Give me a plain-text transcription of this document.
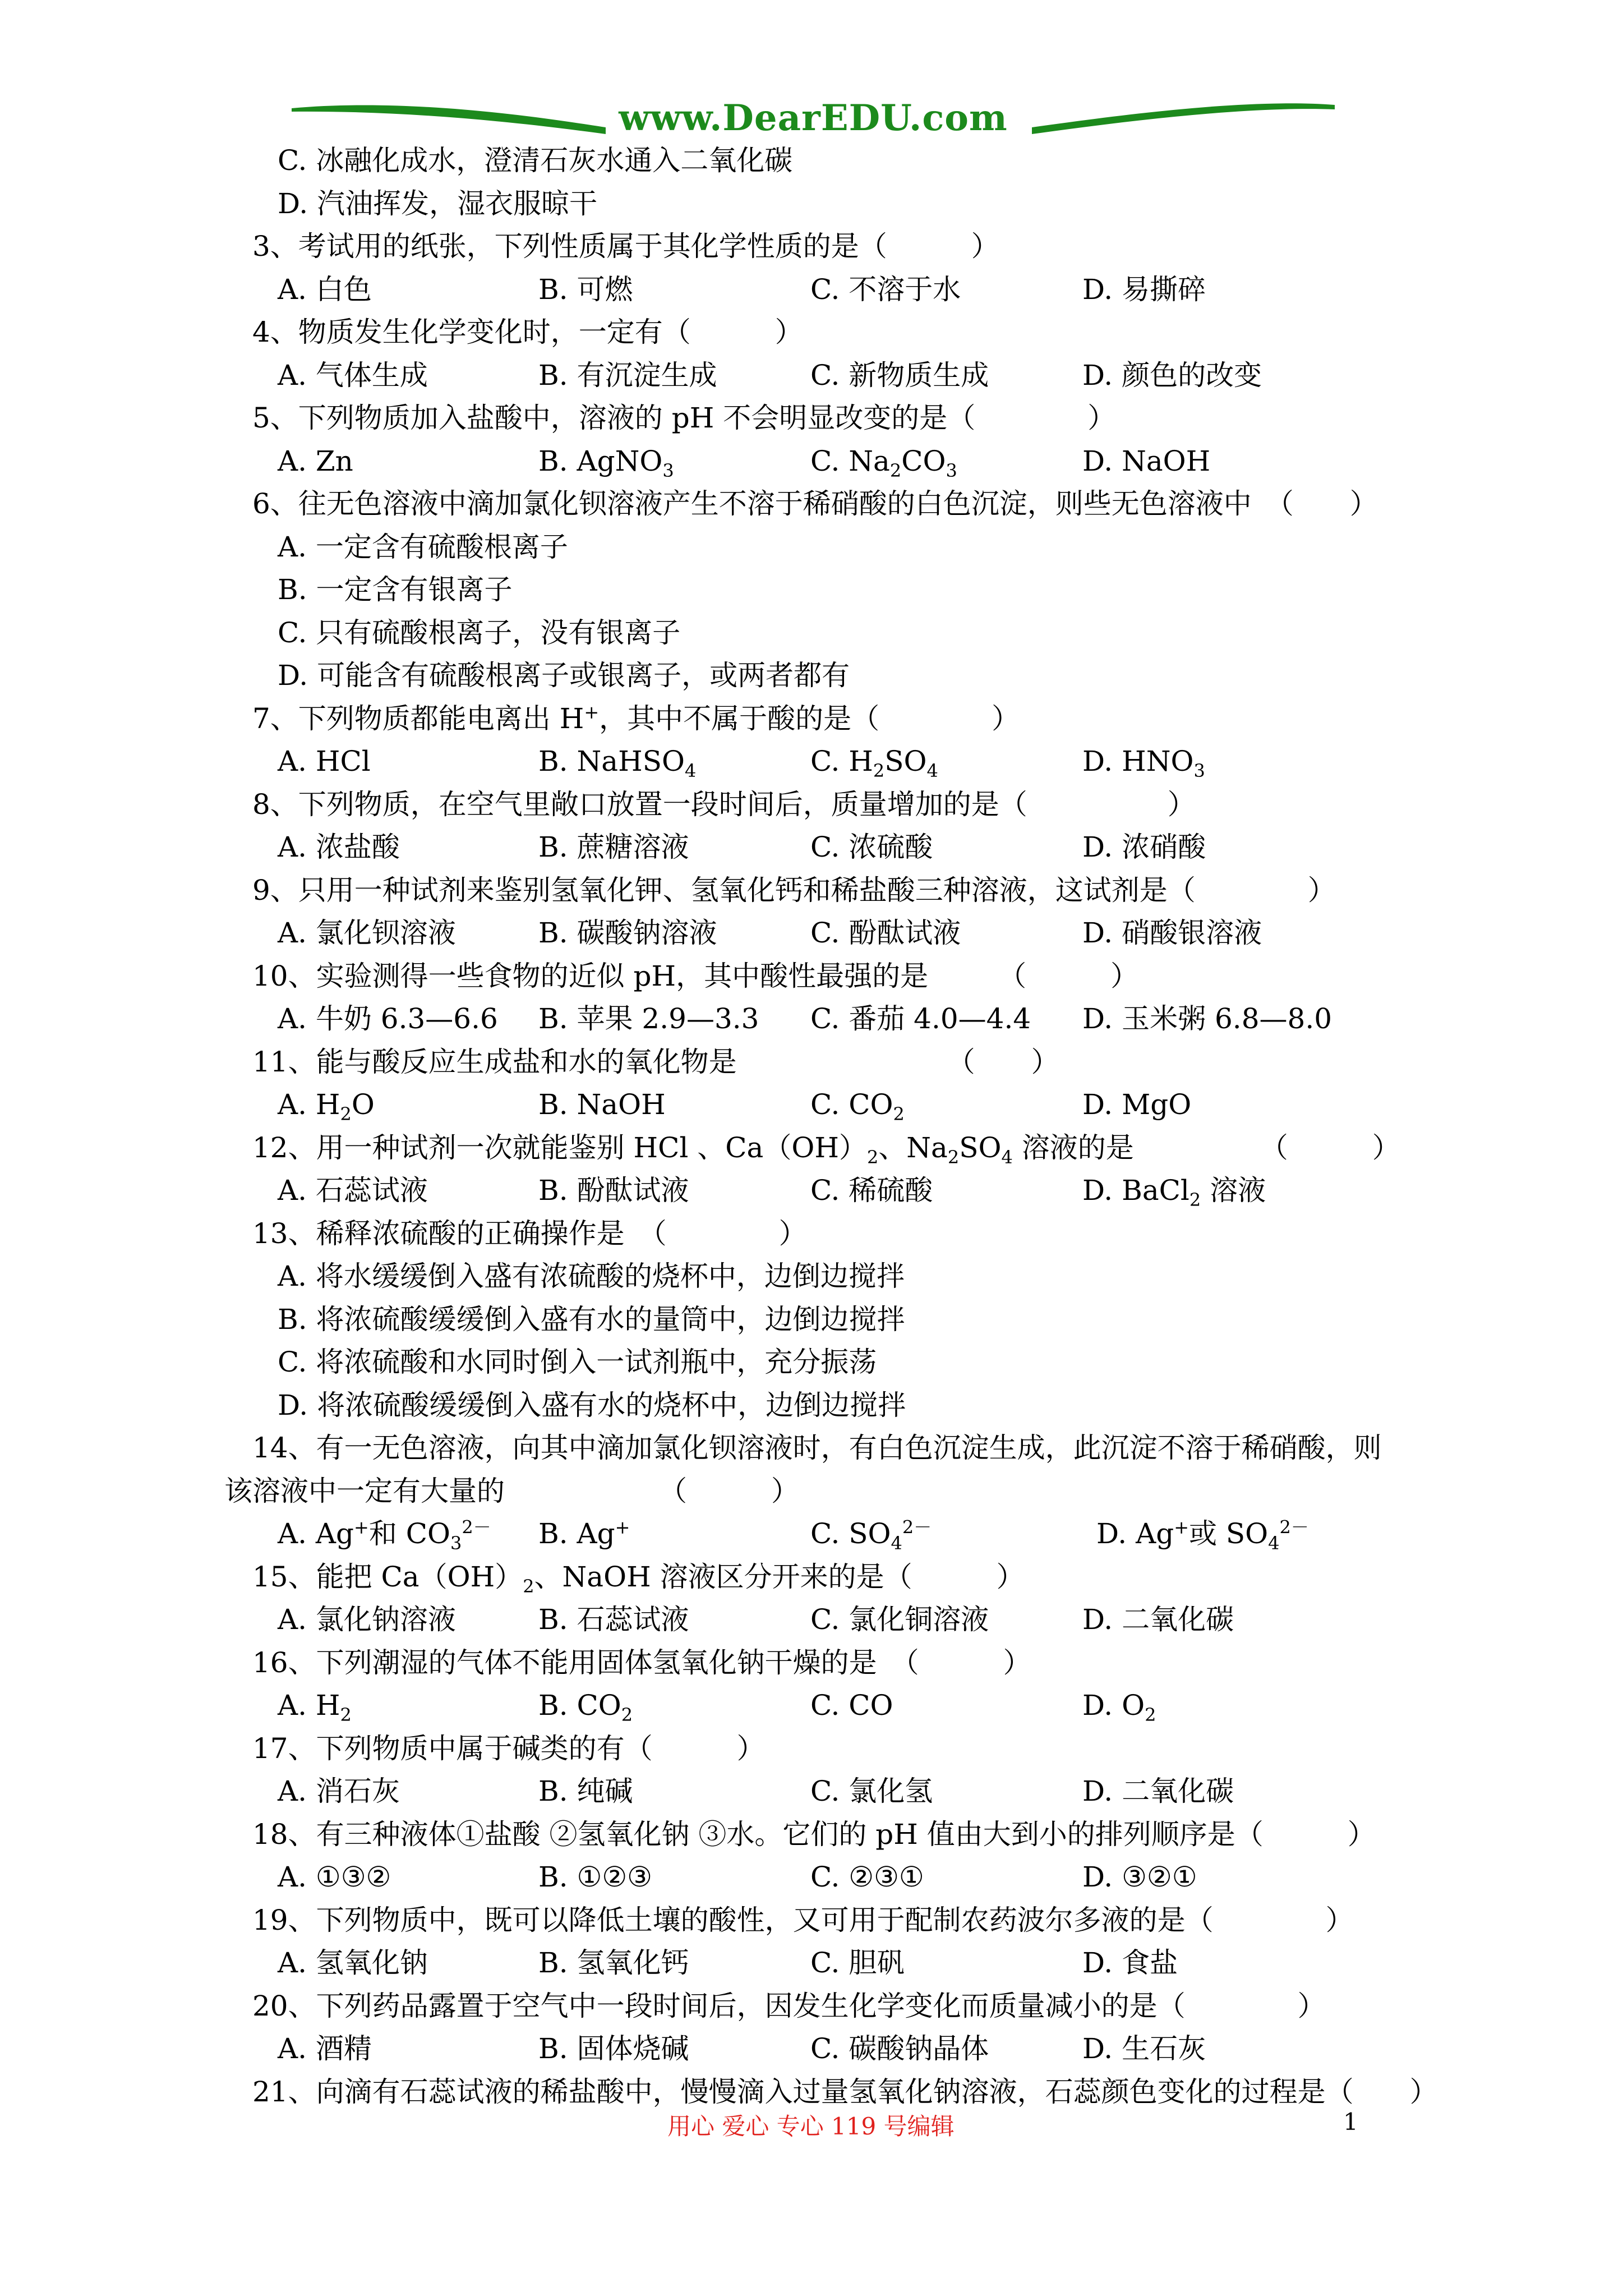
www.DearEDU.com
C. 冰融化成水，澄清石灰水通入二氧化碳
D. 汽油挥发，湿衣服晾干
3、考试用的纸张，下列性质属于其化学性质的是（　　　）
A. 白色	B. 可燃	C. 不溶于水	D. 易撕碎
4、物质发生化学变化时，一定有（　　　）
A. 气体生成	B. 有沉淀生成	C. 新物质生成	D. 颜色的改变
5、下列物质加入盐酸中，溶液的 pH 不会明显改变的是（　　　　）
A. Zn	B. AgNO$_3$	C. $Na_2CO_3$	D. NaOH
6、往无色溶液中滴加氯化钡溶液产生不溶于稀硝酸的白色沉淀，则些无色溶液中　（　　）
A. 一定含有硫酸根离子
B. 一定含有银离子
C. 只有硫酸根离子，没有银离子
D. 可能含有硫酸根离子或银离子，或两者都有
7、下列物质都能电离出 H+，其中不属于酸的是（　　　　）
A. HCl	B. NaHSO$_4$	C. $H_2SO_4$	D. $HNO_3$
8、下列物质，在空气里敞口放置一段时间后，质量增加的是（　　　　　）
A. 浓盐酸	B. 蔗糖溶液	C. 浓硫酸	D. 浓硝酸
9、只用一种试剂来鉴别氢氧化钾、氢氧化钙和稀盐酸三种溶液，这试剂是（　　　　）
A. 氯化钡溶液	B. 碳酸钠溶液	C. 酚酞试液	D. 硝酸银溶液
10、实验测得一些食物的近似 pH，其中酸性最强的是　　　（　　　）
A. 牛奶 6.3—6.6 B. 苹果 2.9—3.3 C. 番茄 4.0—4.4 D. 玉米粥 6.8—8.0
11、能与酸反应生成盐和水的氧化物是　　　　　　　　（　　）
A. $H_2O$	B. NaOH	C. $CO_2$	D. MgO
12、用一种试剂一次就能鉴别 HCl 、$Ca(OH)_2$、$Na_2SO_4$ 溶液的是　　　　　（　　　）
A. 石蕊试液	B. 酚酞试液	C. 稀硫酸	D. BaCl$_2$ 溶液
13、稀释浓硫酸的正确操作是　（　　　　）
A. 将水缓缓倒入盛有浓硫酸的烧杯中，边倒边搅拌
B. 将浓硫酸缓缓倒入盛有水的量筒中，边倒边搅拌
C. 将浓硫酸和水同时倒入一试剂瓶中，充分振荡
D. 将浓硫酸缓缓倒入盛有水的烧杯中，边倒边搅拌
14、有一无色溶液，向其中滴加氯化钡溶液时，有白色沉淀生成，此沉淀不溶于稀硝酸，则
该溶液中一定有大量的　　　　　　（　　　）
A. Ag+和 $CO_3^{2-}$ B. Ag+	C. $SO_4^{2-}$	D. Ag+或 $SO_4^{2-}$
15、能把 $Ca(OH)_2$、NaOH 溶液区分开来的是（　　　）
A. 氯化钠溶液	B. 石蕊试液	C. 氯化铜溶液	D. 二氧化碳
16、下列潮湿的气体不能用固体氢氧化钠干燥的是　（　　　）
A. $H_2$	B. $CO_2$	C. CO	D. $O_2$
17、下列物质中属于碱类的有（　　　）
A. 消石灰	B. 纯碱	C. 氯化氢	D. 二氧化碳
18、有三种液体①盐酸 ②氢氧化钠 ③水。它们的 pH 值由大到小的排列顺序是（　　　）
A. ①③②	B. ①②③	C. ②③①	D. ③②①
19、下列物质中，既可以降低土壤的酸性，又可用于配制农药波尔多液的是（　　　　）
A. 氢氧化钠	B. 氢氧化钙	C. 胆矾	D. 食盐
20、下列药品露置于空气中一段时间后，因发生化学变化而质量减小的是（　　　　）
A. 酒精	B. 固体烧碱	C. 碳酸钠晶体	D. 生石灰
21、向滴有石蕊试液的稀盐酸中，慢慢滴入过量氢氧化钠溶液，石蕊颜色变化的过程是（　　）
用心 爱心 专心 119 号编辑	1
